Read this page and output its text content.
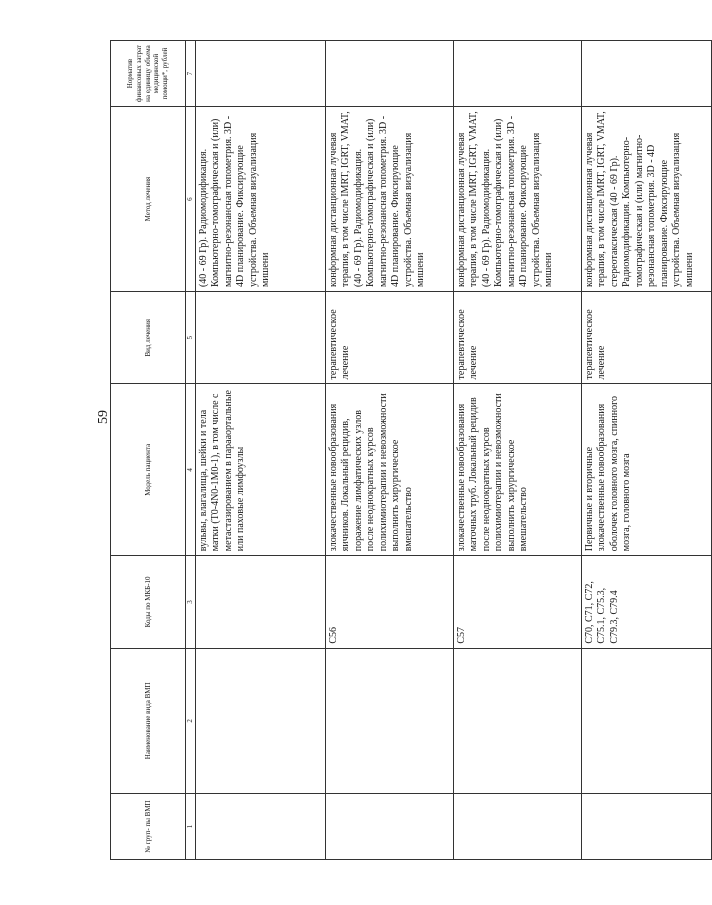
59
№ груп- пы ВМП	Наименование вида ВМП	Коды по МКБ-10	Модель пациента	Вид лечения	Метод лечения	Норматив финансовых затрат на единицу объема медицинской помощи*, рублей
1	2	3	4	5	6	7
			вульвы, влагалища, шейки и тела матки (T0-4N0-1M0-1), в том числе с метастазированием в парааортальные или паховые лимфоузлы		(40 - 69 Гр). Радиомодификация. Компьютерно-томографическая и (или) магнитно-резонансная топометрия. 3D - 4D планирование. Фиксирующие устройства. Объемная визуализация мишени	
		C56	злокачественные новообразования яичников. Локальный рецидив, поражение лимфатических узлов после неоднократных курсов полихимиотерапии и невозможности выполнить хирургическое вмешательство	терапевтическое лечение	конформная дистанционная лучевая терапия, в том числе IMRT, IGRT, VMAT, (40 - 69 Гр). Радиомодификация. Компьютерно-томографическая и (или) магнитно-резонансная топометрия. 3D - 4D планирование. Фиксирующие устройства. Объемная визуализация мишени	
		C57	злокачественные новообразования маточных труб. Локальный рецидив после неоднократных курсов полихимиотерапии и невозможности выполнить хирургическое вмешательство	терапевтическое лечение	конформная дистанционная лучевая терапия, в том числе IMRT, IGRT, VMAT, (40 - 69 Гр). Радиомодификация. Компьютерно-томографическая и (или) магнитно-резонансная топометрия. 3D - 4D планирование. Фиксирующие устройства. Объемная визуализация мишени	
		C70, C71, C72, C75.1, C75.3, C79.3, C79.4	Первичные и вторичные злокачественные новообразования оболочек головного мозга, спинного мозга, головного мозга	терапевтическое лечение	конформная дистанционная лучевая терапия, в том числе IMRT, IGRT, VMAT, стереотаксическая (40 - 69 Гр). Радиомодификация. Компьютерно-томографическая и (или) магнитно-резонансная топометрия. 3D - 4D планирование. Фиксирующие устройства. Объемная визуализация мишени	
